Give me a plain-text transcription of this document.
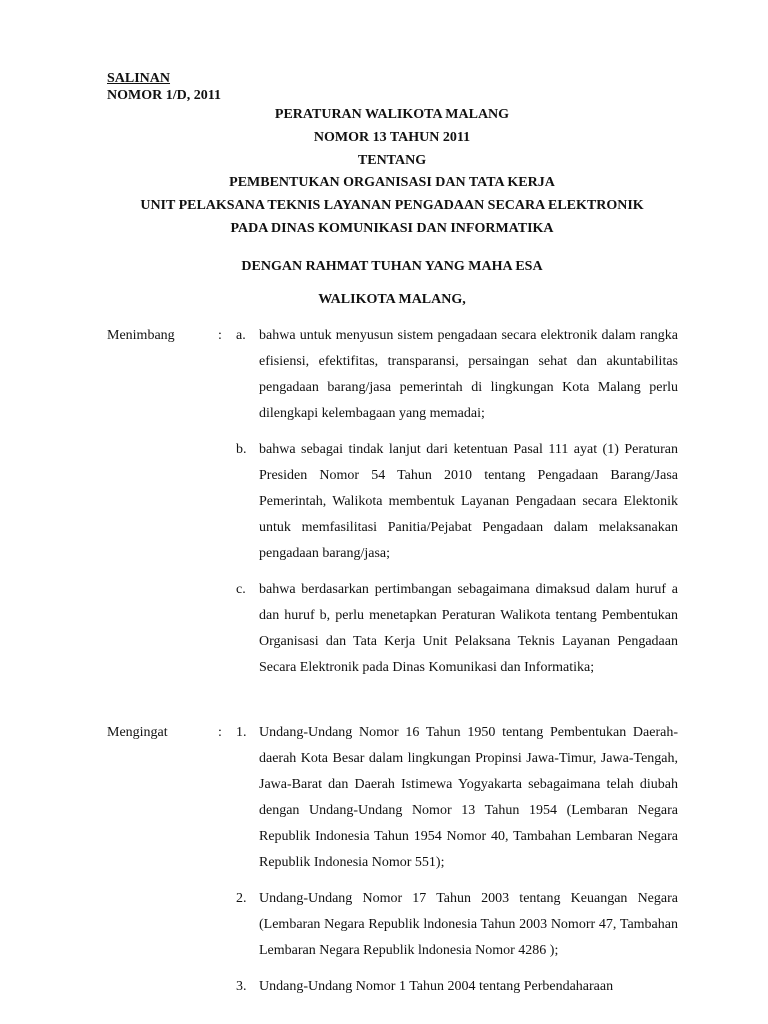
SALINAN
NOMOR 1/D, 2011
PERATURAN WALIKOTA MALANG
NOMOR 13 TAHUN 2011
TENTANG
PEMBENTUKAN ORGANISASI DAN TATA KERJA
UNIT PELAKSANA TEKNIS LAYANAN PENGADAAN SECARA ELEKTRONIK
PADA DINAS KOMUNIKASI DAN INFORMATIKA
DENGAN RAHMAT TUHAN YANG MAHA ESA
WALIKOTA MALANG,
Menimbang	: a. bahwa untuk menyusun sistem pengadaan secara elektronik dalam rangka efisiensi, efektifitas, transparansi, persaingan sehat dan akuntabilitas pengadaan barang/jasa pemerintah di lingkungan Kota Malang perlu dilengkapi kelembagaan yang memadai;
b. bahwa sebagai tindak lanjut dari ketentuan Pasal 111 ayat (1) Peraturan Presiden Nomor 54 Tahun 2010 tentang Pengadaan Barang/Jasa Pemerintah, Walikota membentuk Layanan Pengadaan secara Elektonik untuk memfasilitasi Panitia/Pejabat Pengadaan dalam melaksanakan pengadaan barang/jasa;
c. bahwa berdasarkan pertimbangan sebagaimana dimaksud dalam huruf a dan huruf b, perlu menetapkan Peraturan Walikota tentang Pembentukan Organisasi dan Tata Kerja Unit Pelaksana Teknis Layanan Pengadaan Secara Elektronik pada Dinas Komunikasi dan Informatika;
Mengingat	: 1. Undang-Undang Nomor 16 Tahun 1950 tentang Pembentukan Daerah-daerah Kota Besar dalam lingkungan Propinsi Jawa-Timur, Jawa-Tengah, Jawa-Barat dan Daerah Istimewa Yogyakarta sebagaimana telah diubah dengan Undang-Undang Nomor 13 Tahun 1954 (Lembaran Negara Republik Indonesia Tahun 1954 Nomor 40, Tambahan Lembaran Negara Republik Indonesia Nomor 551);
2. Undang-Undang Nomor 17 Tahun 2003 tentang Keuangan Negara (Lembaran Negara Republik lndonesia Tahun 2003 Nomorr 47, Tambahan Lembaran Negara Republik lndonesia Nomor 4286 );
3. Undang-Undang Nomor 1 Tahun 2004 tentang Perbendaharaan
